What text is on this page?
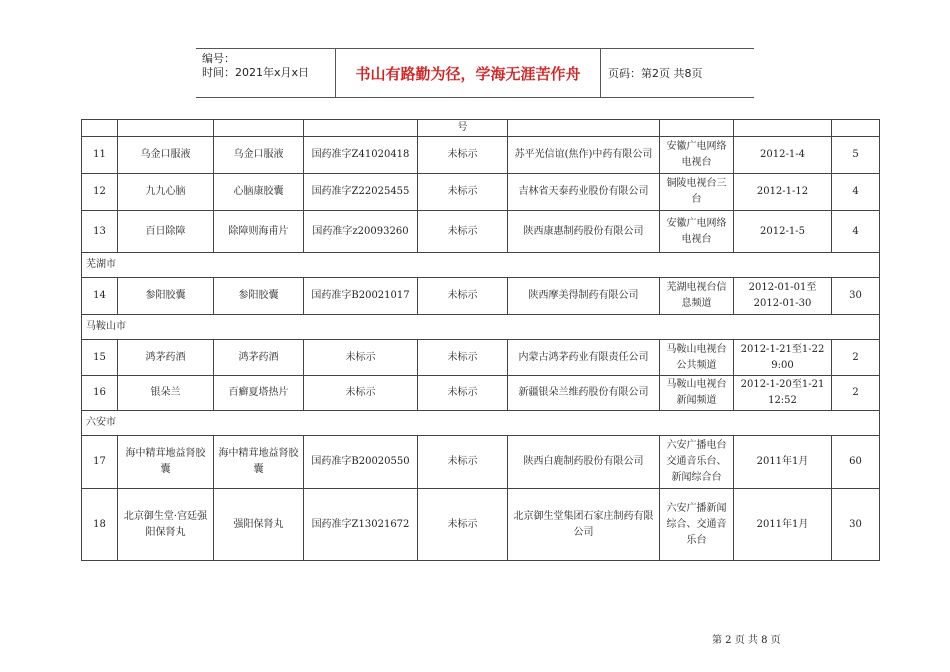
编号：
时间：2021年x月x日	书山有路勤为径，学海无涯苦作舟	页码：第2页 共8页
				号				
11	乌金口服液	乌金口服液	国药准字Z41020418	未标示	苏平光信谊(焦作)中药有限公司	安徽广电网络电视台	2012-1-4	5
12	九九心脑	心脑康胶囊	国药准字Z22025455	未标示	吉林省天泰药业股份有限公司	铜陵电视台三台	2012-1-12	4
13	百日除障	除障则海甫片	国药准字z20093260	未标示	陕西康惠制药股份有限公司	安徽广电网络电视台	2012-1-5	4
芜湖市								
14	参阳胶囊	参阳胶囊	国药准字B20021017	未标示	陕西摩美得制药有限公司	芜湖电视台信息频道	2012-01-01至2012-01-30	30
马鞍山市								
15	鸿茅药酒	鸿茅药酒	未标示	未标示	内蒙古鸿茅药业有限责任公司	马鞍山电视台公共频道	2012-1-21至1-22 9:00	2
16	银朵兰	百癣夏塔热片	未标示	未标示	新疆银朵兰维药股份有限公司	马鞍山电视台新闻频道	2012-1-20至1-21 12:52	2
六安市								
17	海中精茸地益肾胶囊	海中精茸地益肾胶囊	国药准字B20020550	未标示	陕西白鹿制药股份有限公司	六安广播电台交通音乐台、新闻综合台	2011年1月	60
18	北京御生堂·宫廷强阳保肾丸	强阳保肾丸	国药准字Z13021672	未标示	北京御生堂集团石家庄制药有限公司	六安广播新闻综合、交通音乐台	2011年1月	30
第 2 页 共 8 页
